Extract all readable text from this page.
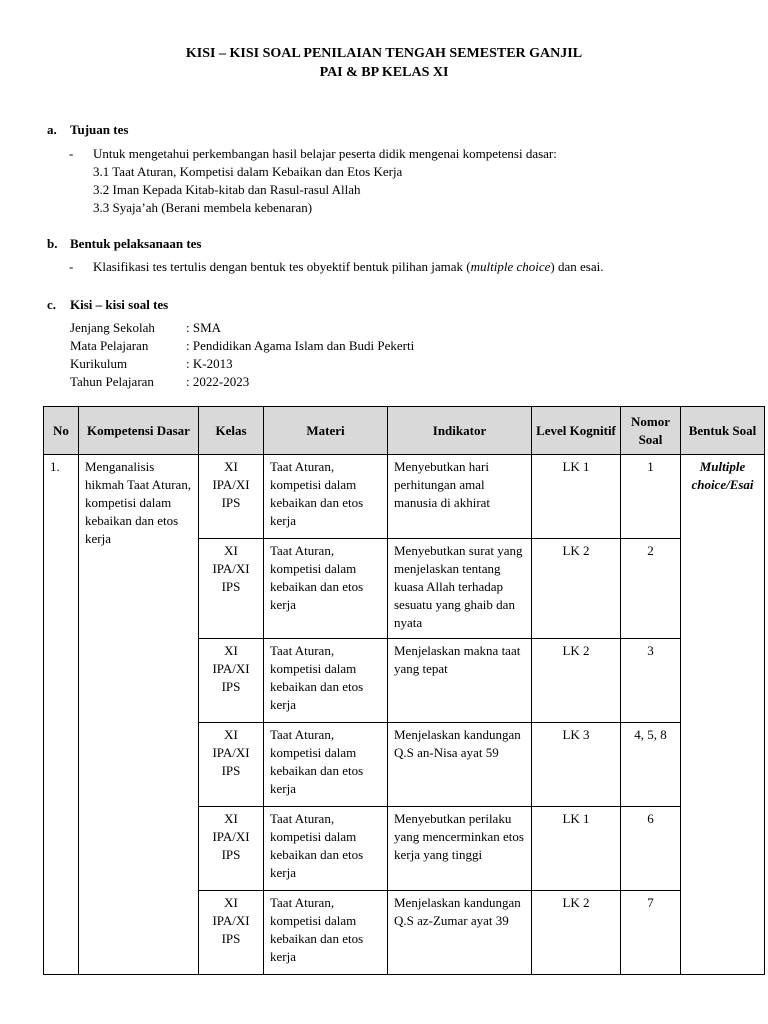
KISI – KISI SOAL PENILAIAN TENGAH SEMESTER GANJIL
PAI & BP KELAS XI
a. Tujuan tes
- Untuk mengetahui perkembangan hasil belajar peserta didik mengenai kompetensi dasar:
3.1 Taat Aturan, Kompetisi dalam Kebaikan dan Etos Kerja
3.2 Iman Kepada Kitab-kitab dan Rasul-rasul Allah
3.3 Syaja’ah (Berani membela kebenaran)
b. Bentuk pelaksanaan tes
- Klasifikasi tes tertulis dengan bentuk tes obyektif bentuk pilihan jamak (multiple choice) dan esai.
c. Kisi – kisi soal tes
Jenjang Sekolah : SMA
Mata Pelajaran	: Pendidikan Agama Islam dan Budi Pekerti
Kurikulum	: K-2013
Tahun Pelajaran : 2022-2023
No	Kompetensi Dasar	Kelas	Materi	Indikator	Level Kognitif	Nomor Soal	Bentuk Soal
1.	Menganalisis hikmah Taat Aturan, kompetisi dalam kebaikan dan etos kerja	XI IPA/XI IPS	Taat Aturan, kompetisi dalam kebaikan dan etos kerja	Menyebutkan hari perhitungan amal manusia di akhirat	LK 1	1	Multiple choice/Esai
		XI IPA/XI IPS	Taat Aturan, kompetisi dalam kebaikan dan etos kerja	Menyebutkan surat yang menjelaskan tentang kuasa Allah terhadap sesuatu yang ghaib dan nyata	LK 2	2	
		XI IPA/XI IPS	Taat Aturan, kompetisi dalam kebaikan dan etos kerja	Menjelaskan makna taat yang tepat	LK 2	3	
		XI IPA/XI IPS	Taat Aturan, kompetisi dalam kebaikan dan etos kerja	Menjelaskan kandungan Q.S an-Nisa ayat 59	LK 3	4, 5, 8	
		XI IPA/XI IPS	Taat Aturan, kompetisi dalam kebaikan dan etos kerja	Menyebutkan perilaku yang mencerminkan etos kerja yang tinggi	LK 1	6	
		XI IPA/XI IPS	Taat Aturan, kompetisi dalam kebaikan dan etos kerja	Menjelaskan kandungan Q.S az-Zumar ayat 39	LK 2	7	
